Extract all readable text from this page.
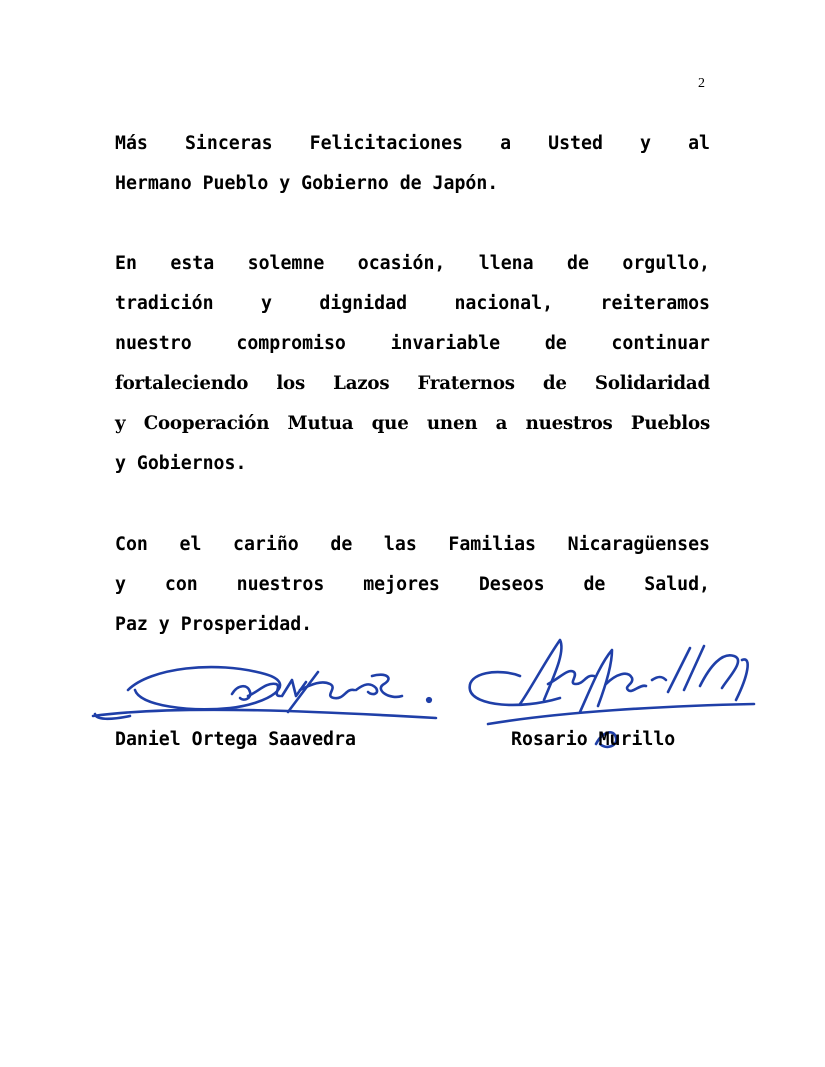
2
Más Sinceras Felicitaciones a Usted y al
Hermano Pueblo y Gobierno de Japón.
En esta solemne ocasión, llena de orgullo,
tradición y dignidad nacional, reiteramos
nuestro compromiso invariable de continuar
fortaleciendo los Lazos Fraternos de Solidaridad
y Cooperación Mutua que unen a nuestros Pueblos
y Gobiernos.
Con el cariño de las Familias Nicaragüenses
y con nuestros mejores Deseos de Salud,
Paz y Prosperidad.
Daniel Ortega Saavedra	Rosario Murillo
